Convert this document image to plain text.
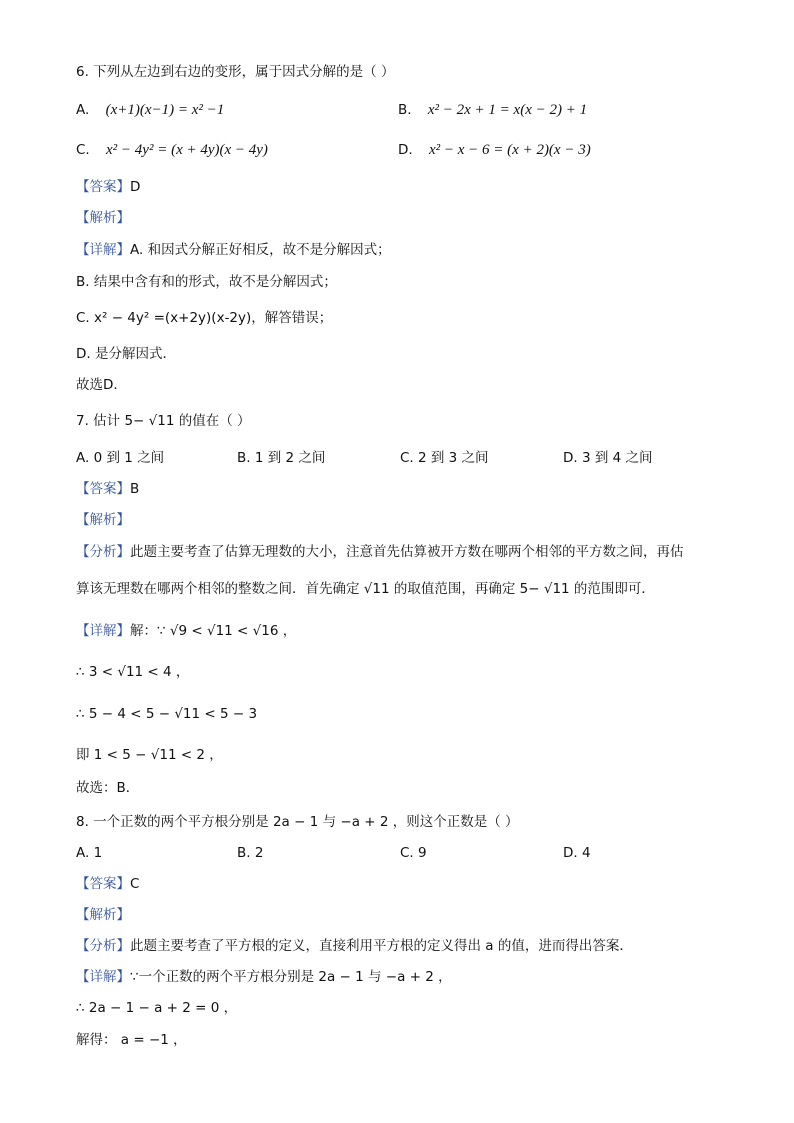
6. 下列从左边到右边的变形，属于因式分解的是（ ）
A. (x+1)(x−1) = x² −1	B. x² − 2x + 1 = x(x − 2) + 1
C. x² − 4y² = (x + 4y)(x − 4y)	D. x² − x − 6 = (x + 2)(x − 3)
【答案】D
【解析】
【详解】A. 和因式分解正好相反，故不是分解因式；
B. 结果中含有和的形式，故不是分解因式；
C. x² − 4y² =(x+2y)(x-2y)，解答错误；
D. 是分解因式．
故选D.
7. 估计 5− √11 的值在（ ）
A. 0 到 1 之间	B. 1 到 2 之间	C. 2 到 3 之间	D. 3 到 4 之间
【答案】B
【解析】
【分析】此题主要考查了估算无理数的大小，注意首先估算被开方数在哪两个相邻的平方数之间，再估
算该无理数在哪两个相邻的整数之间．首先确定 √11 的取值范围，再确定 5− √11 的范围即可．
【详解】解：∵ √9 < √11 < √16 ，
∴ 3 < √11 < 4 ，
∴ 5 − 4 < 5 − √11 < 5 − 3
即 1 < 5 − √11 < 2 ，
故选：B．
8. 一个正数的两个平方根分别是 2a − 1 与 −a + 2 ，则这个正数是（ ）
A. 1	B. 2	C. 9	D. 4
【答案】C
【解析】
【分析】此题主要考查了平方根的定义，直接利用平方根的定义得出 a 的值，进而得出答案．
【详解】∵一个正数的两个平方根分别是 2a − 1 与 −a + 2 ，
∴ 2a − 1 − a + 2 = 0 ，
解得： a = −1 ，
